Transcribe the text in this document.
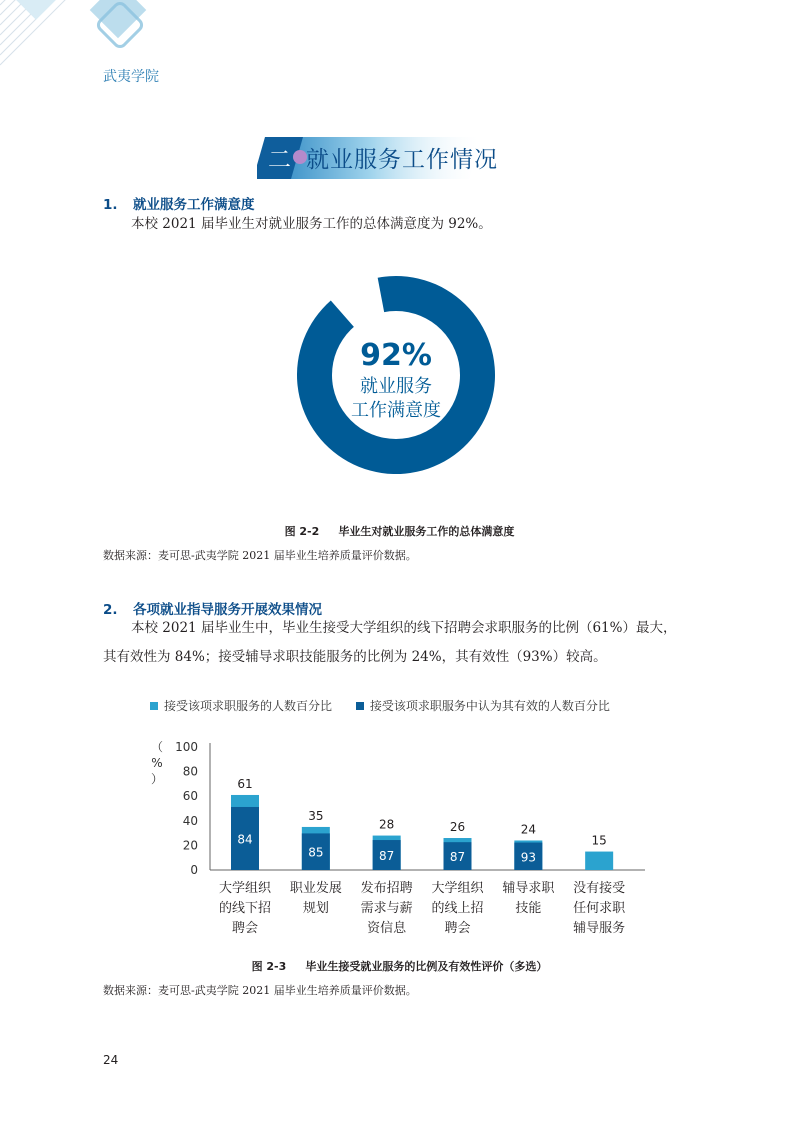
武夷学院
二 就业服务工作情况
1. 就业服务工作满意度
本校 2021 届毕业生对就业服务工作的总体满意度为 92%。
92%
就业服务
工作满意度
图 2-2 毕业生对就业服务工作的总体满意度
数据来源：麦可思-武夷学院 2021 届毕业生培养质量评价数据。
2. 各项就业指导服务开展效果情况
本校 2021 届毕业生中，毕业生接受大学组织的线下招聘会求职服务的比例（61%）最大，
其有效性为 84%；接受辅导求职技能服务的比例为 24%，其有效性（93%）较高。
接受该项求职服务的人数百分比	接受该项求职服务中认为其有效的人数百分比
（
%
）
0
20
40
60
80
100
84
61
大学组织
的线下招
聘会
85
35
职业发展
规划
87
28
发布招聘
需求与薪
资信息
87
26
大学组织
的线上招
聘会
93
24
辅导求职
技能
15
没有接受
任何求职
辅导服务
图 2-3 毕业生接受就业服务的比例及有效性评价（多选）
数据来源：麦可思-武夷学院 2021 届毕业生培养质量评价数据。
24
